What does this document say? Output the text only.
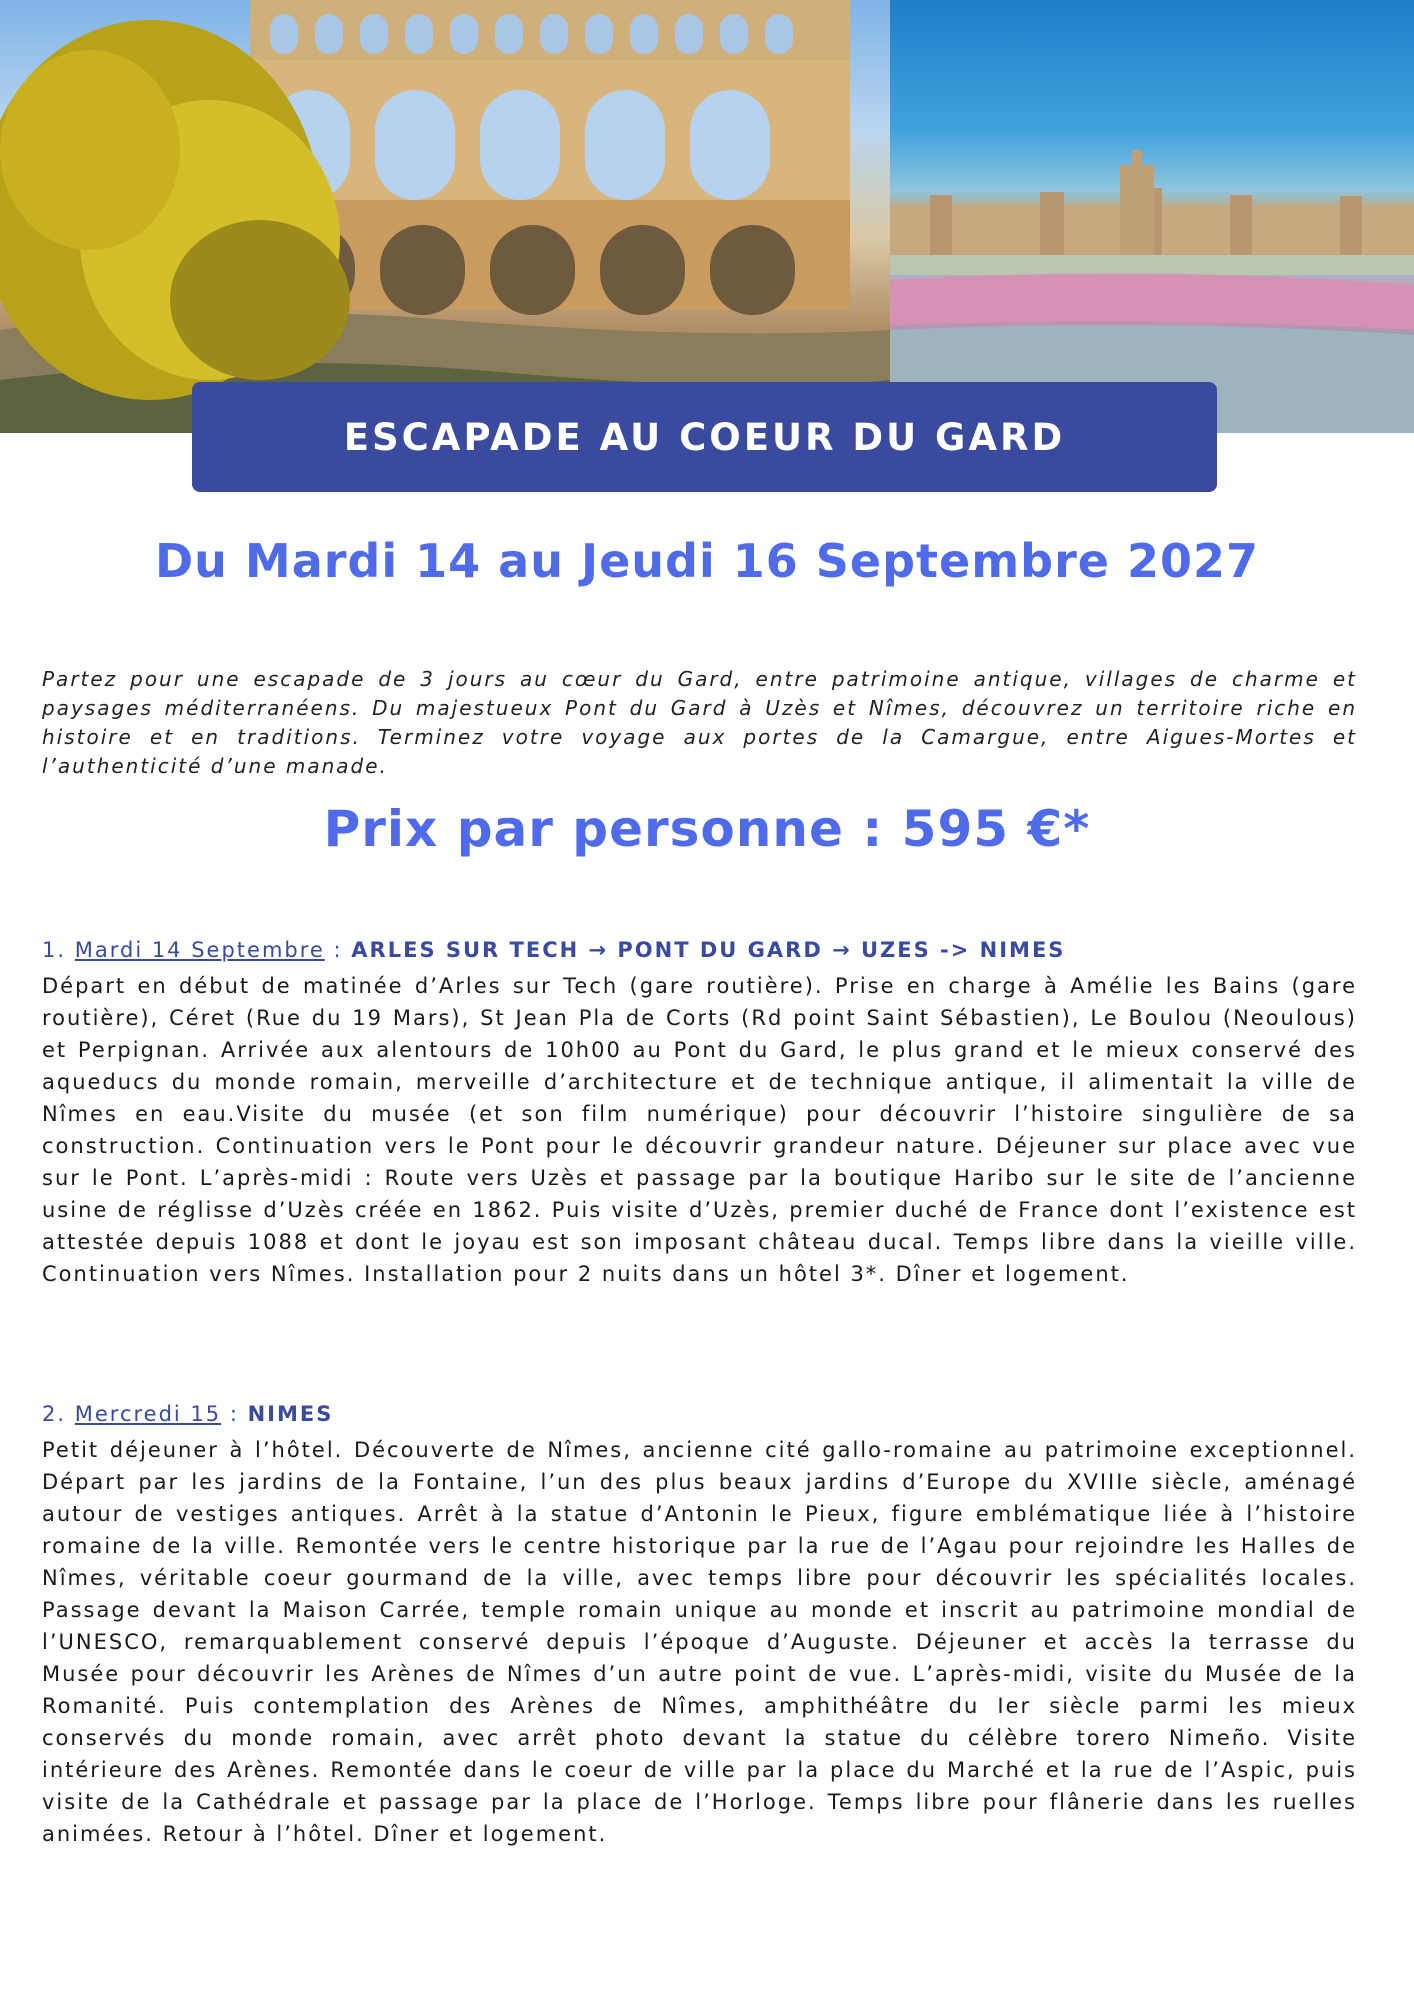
ESCAPADE AU COEUR DU GARD
Du Mardi 14 au Jeudi 16 Septembre 2027

Partez pour une escapade de 3 jours au cœur du Gard, entre patrimoine antique, villages de charme et paysages méditerranéens. Du majestueux Pont du Gard à Uzès et Nîmes, découvrez un territoire riche en histoire et en traditions. Terminez votre voyage aux portes de la Camargue, entre Aigues-Mortes et l’authenticité d’une manade.

Prix par personne : 595 €*
1. Mardi 14 Septembre : ARLES SUR TECH → PONT DU GARD → UZES -> NIMES

Départ en début de matinée d’Arles sur Tech (gare routière). Prise en charge à Amélie les Bains (gare routière), Céret (Rue du 19 Mars), St Jean Pla de Corts (Rd point Saint Sébastien), Le Boulou (Neoulous) et Perpignan. Arrivée aux alentours de 10h00 au Pont du Gard, le plus grand et le mieux conservé des aqueducs du monde romain, merveille d’architecture et de technique antique, il alimentait la ville de Nîmes en eau.Visite du musée (et son film numérique) pour découvrir l’histoire singulière de sa construction. Continuation vers le Pont pour le découvrir grandeur nature. Déjeuner sur place avec vue sur le Pont. L’après-midi : Route vers Uzès et passage par la boutique Haribo sur le site de l’ancienne usine de réglisse d’Uzès créée en 1862. Puis visite d’Uzès, premier duché de France dont l’existence est attestée depuis 1088 et dont le joyau est son imposant château ducal. Temps libre dans la vieille ville. Continuation vers Nîmes. Installation pour 2 nuits dans un hôtel 3*. Dîner et logement.

2. Mercredi 15 : NIMES

Petit déjeuner à l’hôtel. Découverte de Nîmes, ancienne cité gallo-romaine au patrimoine exceptionnel. Départ par les jardins de la Fontaine, l’un des plus beaux jardins d’Europe du XVIIIe siècle, aménagé autour de vestiges antiques. Arrêt à la statue d’Antonin le Pieux, figure emblématique liée à l’histoire romaine de la ville. Remontée vers le centre historique par la rue de l’Agau pour rejoindre les Halles de Nîmes, véritable coeur gourmand de la ville, avec temps libre pour découvrir les spécialités locales. Passage devant la Maison Carrée, temple romain unique au monde et inscrit au patrimoine mondial de l’UNESCO, remarquablement conservé depuis l’époque d’Auguste. Déjeuner et accès la terrasse du Musée pour découvrir les Arènes de Nîmes d’un autre point de vue. L’après-midi, visite du Musée de la Romanité. Puis contemplation des Arènes de Nîmes, amphithéâtre du Ier siècle parmi les mieux conservés du monde romain, avec arrêt photo devant la statue du célèbre torero Nimeño. Visite intérieure des Arènes. Remontée dans le coeur de ville par la place du Marché et la rue de l’Aspic, puis visite de la Cathédrale et passage par la place de l’Horloge. Temps libre pour flânerie dans les ruelles animées. Retour à l’hôtel. Dîner et logement.
